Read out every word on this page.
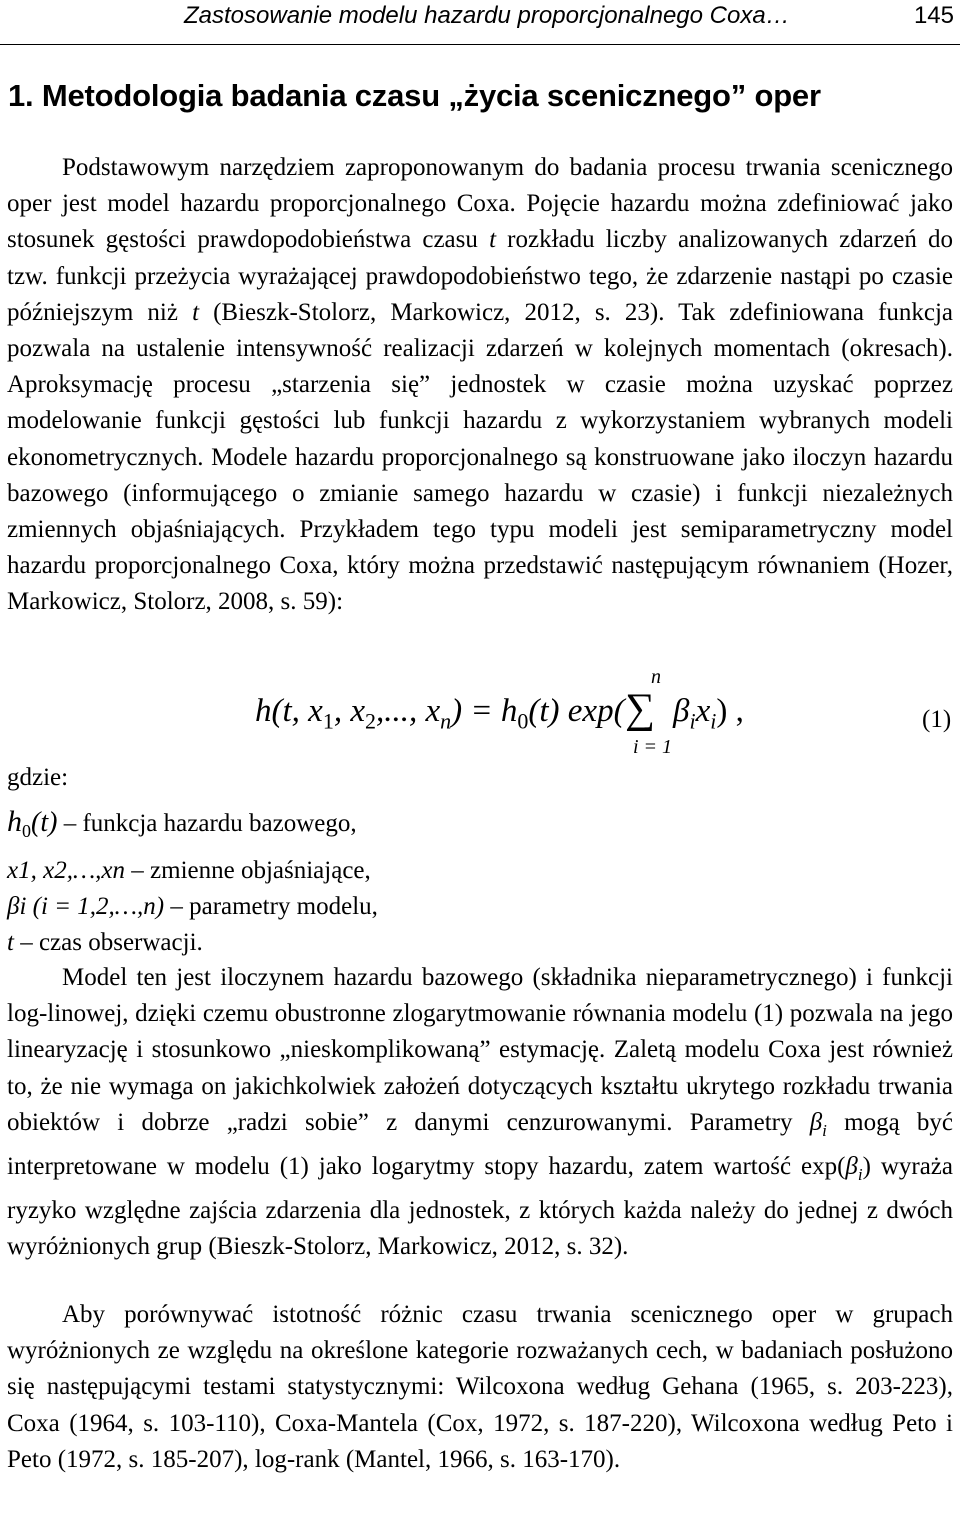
Zastosowanie modelu hazardu proporcjonalnego Coxa…	145
1. Metodologia badania czasu „życia scenicznego” oper

Podstawowym narzędziem zaproponowanym do badania procesu trwania scenicznego oper jest model hazardu proporcjonalnego Coxa. Pojęcie hazardu można zdefiniować jako stosunek gęstości prawdopodobieństwa czasu t rozkładu liczby analizowanych zdarzeń do tzw. funkcji przeżycia wyrażającej prawdopodobieństwo tego, że zdarzenie nastąpi po czasie późniejszym niż t (Bieszk-Stolorz, Markowicz, 2012, s. 23). Tak zdefiniowana funkcja pozwala na ustalenie intensywność realizacji zdarzeń w kolejnych momentach (okresach). Aproksymację procesu „starzenia się” jednostek w czasie można uzyskać poprzez modelowanie funkcji gęstości lub funkcji hazardu z wykorzystaniem wybranych modeli ekonometrycznych. Modele hazardu proporcjonalnego są konstruowane jako iloczyn hazardu bazowego (informującego o zmianie samego hazardu w czasie) i funkcji niezależnych zmiennych objaśniających. Przykładem tego typu modeli jest semiparametryczny model hazardu proporcjonalnego Coxa, który można przedstawić następującym równaniem (Hozer, Markowicz, Stolorz, 2008, s. 59):

h(t, $x_1$, $x_2$,..., $x_n) = h_0(t)$ exp( ∑
n
i = 1
$\beta_ix_i$ ) ,	(1)
gdzie:
$h_0(t)$ – funkcja hazardu bazowego,
x1, x2,…,xn – zmienne objaśniające,
βi (i = 1,2,…,n) – parametry modelu,
t – czas obserwacji.

Model ten jest iloczynem hazardu bazowego (składnika nieparametrycznego) i funkcji log-linowej, dzięki czemu obustronne zlogarytmowanie równania modelu (1) pozwala na jego linearyzację i stosunkowo „nieskomplikowaną” estymację. Zaletą modelu Coxa jest również to, że nie wymaga on jakichkolwiek założeń dotyczących kształtu ukrytego rozkładu trwania obiektów i dobrze „radzi sobie” z danymi cenzurowanymi. Parametry $\beta_i$ mogą być interpretowane w modelu (1) jako logarytmy stopy hazardu, zatem wartość $\exp(\beta_i)$ wyraża ryzyko względne zajścia zdarzenia dla jednostek, z których każda należy do jednej z dwóch wyróżnionych grup (Bieszk-Stolorz, Markowicz, 2012, s. 32).

Aby porównywać istotność różnic czasu trwania scenicznego oper w grupach wyróżnionych ze względu na określone kategorie rozważanych cech, w badaniach posłużono się następującymi testami statystycznymi: Wilcoxona według Gehana (1965, s. 203-223), Coxa (1964, s. 103-110), Coxa-Mantela (Cox, 1972, s. 187-220), Wilcoxona według Peto i Peto (1972, s. 185-207), log-rank (Mantel, 1966, s. 163-170).
